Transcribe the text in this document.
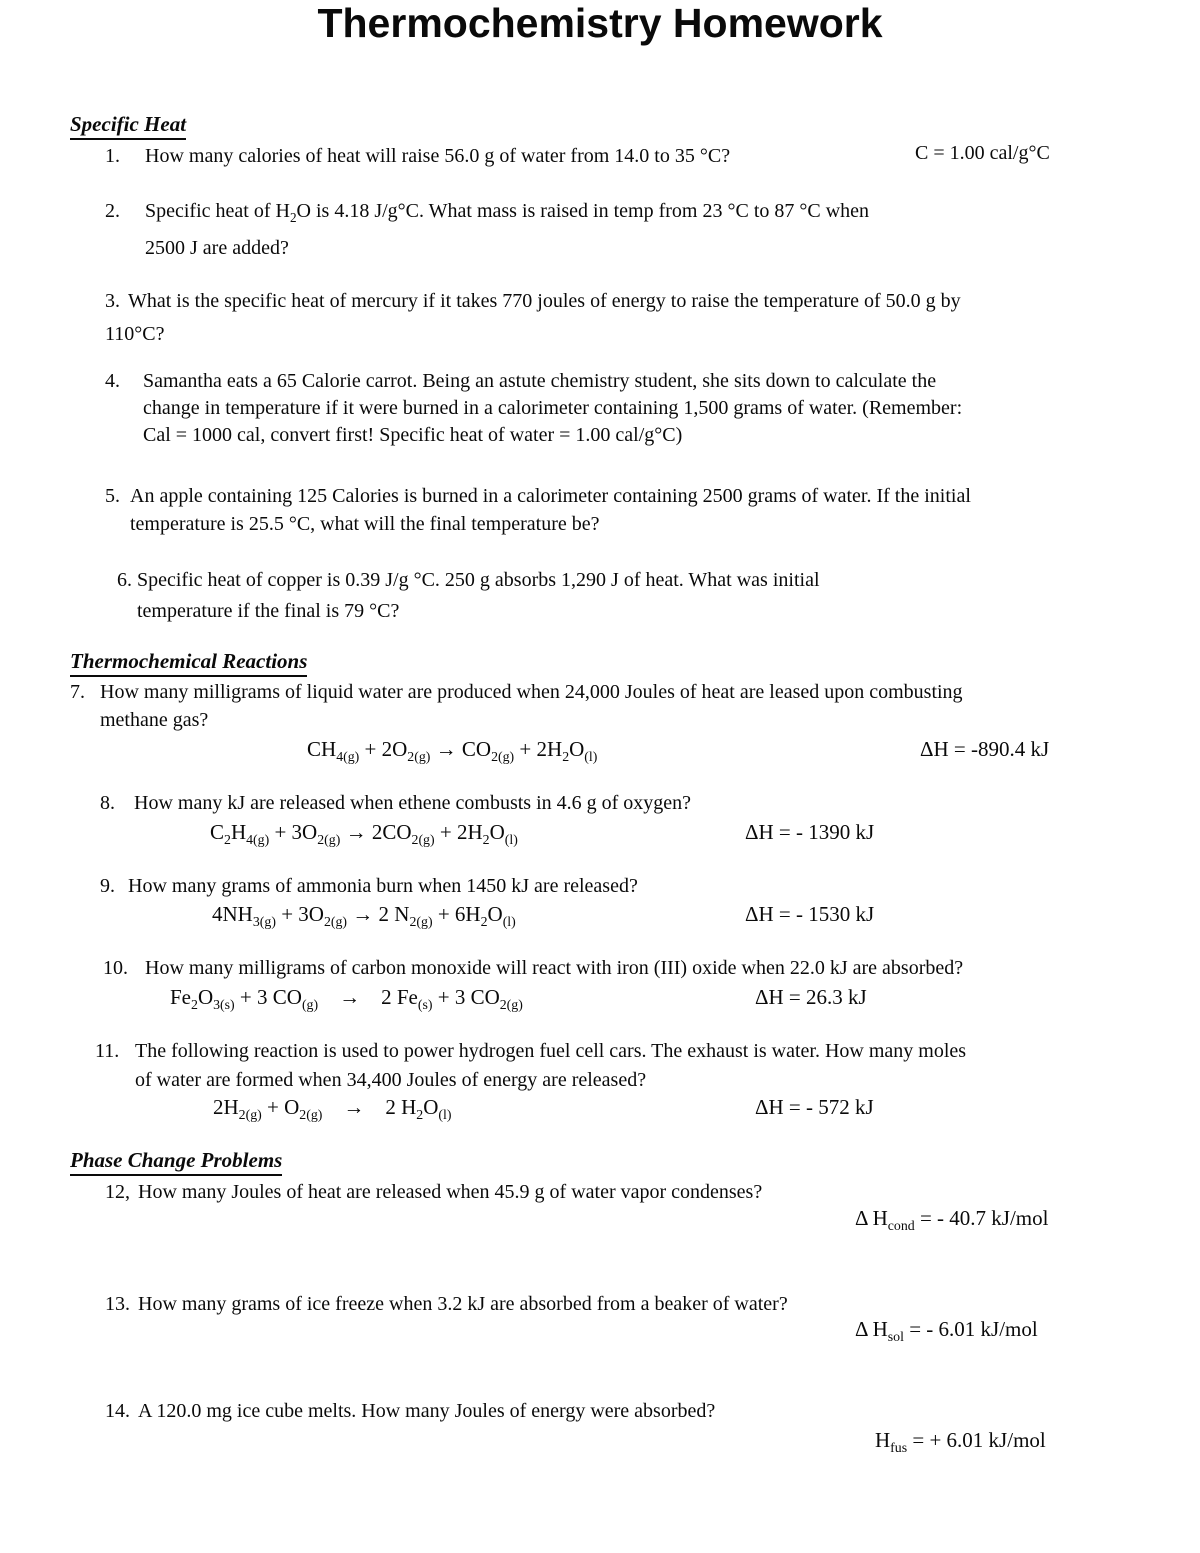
Thermochemistry Homework
Specific Heat
1.	How many calories of heat will raise 56.0 g of water from 14.0 to 35 °C?	C = 1.00 cal/g°C
2.	Specific heat of $H_2O$ is 4.18 J/g°C. What mass is raised in temp from 23 °C to 87 °C when
2500 J are added?
3. What is the specific heat of mercury if it takes 770 joules of energy to raise the temperature of 50.0 g by
110°C?
4.	Samantha eats a 65 Calorie carrot. Being an astute chemistry student, she sits down to calculate the
change in temperature if it were burned in a calorimeter containing 1,500 grams of water. (Remember:
Cal = 1000 cal, convert first! Specific heat of water = 1.00 cal/g°C)
5. An apple containing 125 Calories is burned in a calorimeter containing 2500 grams of water. If the initial
temperature is 25.5 °C, what will the final temperature be?
6. Specific heat of copper is 0.39 J/g °C. 250 g absorbs 1,290 J of heat. What was initial
temperature if the final is 79 °C?
Thermochemical Reactions
7. How many milligrams of liquid water are produced when 24,000 Joules of heat are leased upon combusting
methane gas?
$CH_{4(g)} + 2O_{2(g)} \to CO_{2(g)} + 2H_2O_{(l)}$	ΔH = -890.4 kJ
8. How many kJ are released when ethene combusts in 4.6 g of oxygen?
$C_2H_{4(g)} + 3O_{2(g)} \to 2CO_{2(g)} + 2H_2O_{(l)}$	ΔH = - 1390 kJ
9. How many grams of ammonia burn when 1450 kJ are released?
$4NH_{3(g)} + 3O_{2(g)} \to 2$ $N_{2(g)} + 6H_2O_{(l)}$	ΔH = - 1530 kJ
10. How many milligrams of carbon monoxide will react with iron (III) oxide when 22.0 kJ are absorbed?
$Fe_2O_{3(s)} + 3$ $CO_{(g)}$    →    2 $Fe_{(s)} + 3$ $CO_{2(g)}$	ΔH = 26.3 kJ
11. The following reaction is used to power hydrogen fuel cell cars. The exhaust is water. How many moles
of water are formed when 34,400 Joules of energy are released?
$2H_{2(g)} + O_{2(g)}$    →    2 $H_2O_{(l)}$	ΔH = - 572 kJ
Phase Change Problems
12, How many Joules of heat are released when 45.9 g of water vapor condenses?
Δ $H_{cond}$ = - 40.7 kJ/mol
13. How many grams of ice freeze when 3.2 kJ are absorbed from a beaker of water?
Δ $H_{sol}$ = - 6.01 kJ/mol
14. A 120.0 mg ice cube melts. How many Joules of energy were absorbed?
$H_{fus}$ = + 6.01 kJ/mol
